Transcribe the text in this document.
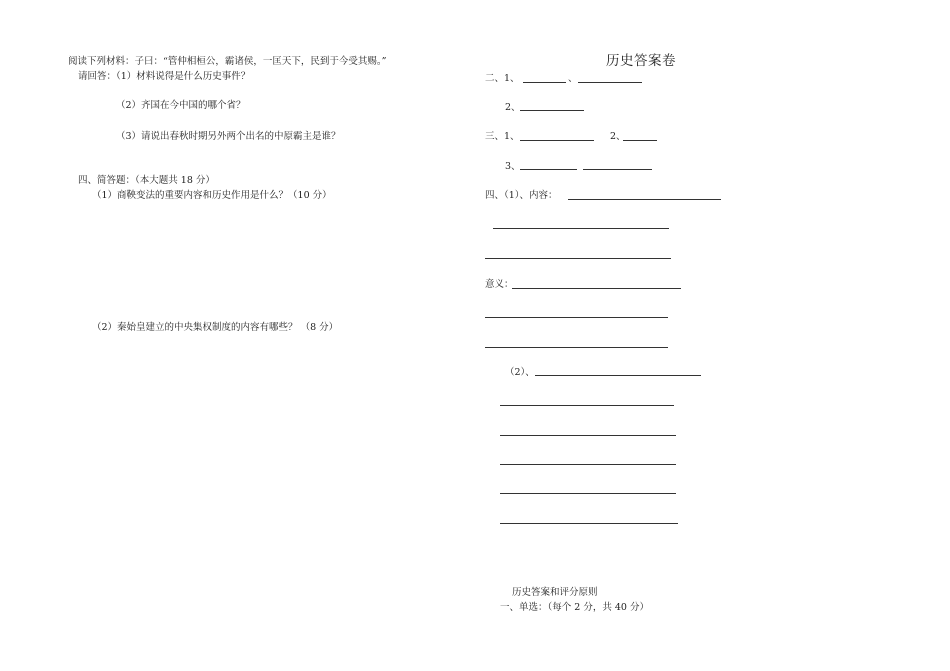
阅读下列材料：子曰：“管仲相桓公，霸诸侯，一匡天下，民到于今受其赐。”
请回答：（1）材料说得是什么历史事件？
（2）齐国在今中国的哪个省？
（3）请说出春秋时期另外两个出名的中原霸主是谁？
四、简答题：（本大题共 18 分）
（1）商鞅变法的重要内容和历史作用是什么？（10 分）
（2）秦始皇建立的中央集权制度的内容有哪些？ （8 分）
历史答案卷
二、1、	、
2、
三、1、	2、
3、
四、（1）、内容：
意义：
（2）、
历史答案和评分原则
一、单选：（每个 2 分，共 40 分）
